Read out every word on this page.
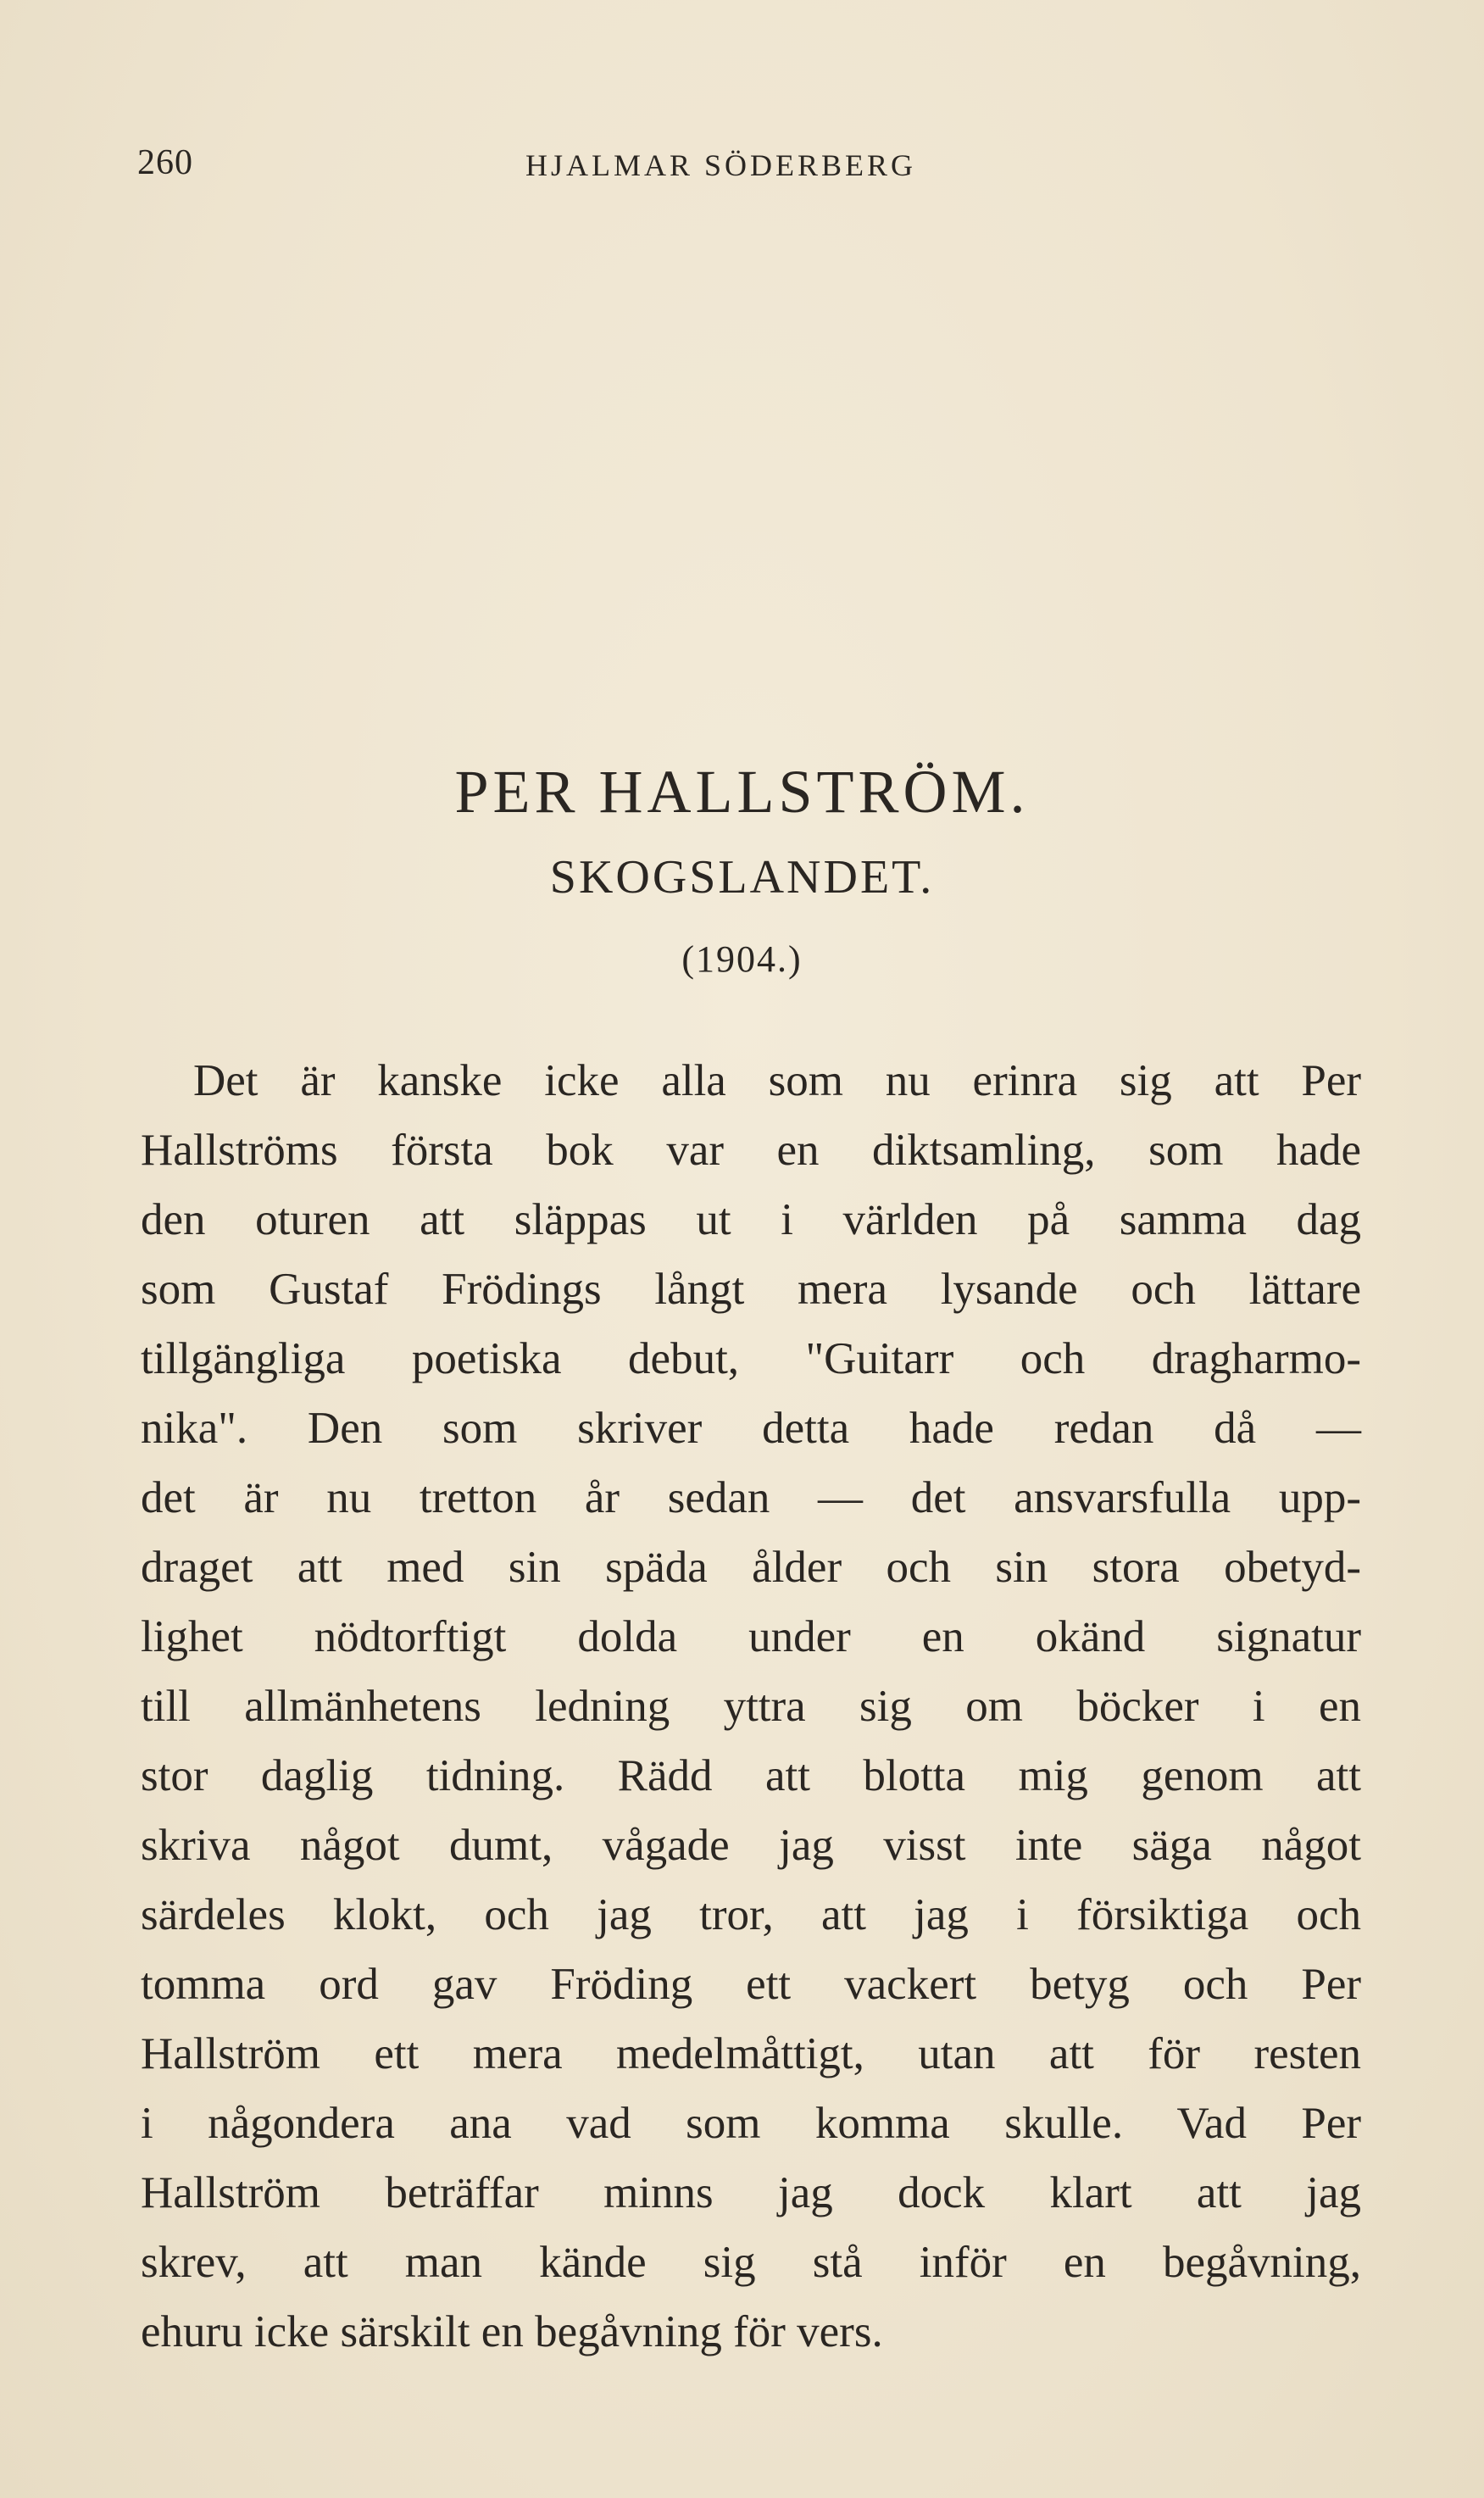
260	HJALMAR SÖDERBERG
PER HALLSTRÖM.
SKOGSLANDET.
(1904.)
Det är kanske icke alla som nu erinra sig att Per
Hallströms första bok var en diktsamling, som hade
den oturen att släppas ut i världen på samma dag
som Gustaf Frödings långt mera lysande och lättare
tillgängliga poetiska debut, "Guitarr och dragharmo-
nika". Den som skriver detta hade redan då —
det är nu tretton år sedan — det ansvarsfulla upp-
draget att med sin späda ålder och sin stora obetyd-
lighet nödtorftigt dolda under en okänd signatur
till allmänhetens ledning yttra sig om böcker i en
stor daglig tidning. Rädd att blotta mig genom att
skriva något dumt, vågade jag visst inte säga något
särdeles klokt, och jag tror, att jag i försiktiga och
tomma ord gav Fröding ett vackert betyg och Per
Hallström ett mera medelmåttigt, utan att för resten
i någondera ana vad som komma skulle. Vad Per
Hallström beträffar minns jag dock klart att jag
skrev, att man kände sig stå inför en begåvning,
ehuru icke särskilt en begåvning för vers.
